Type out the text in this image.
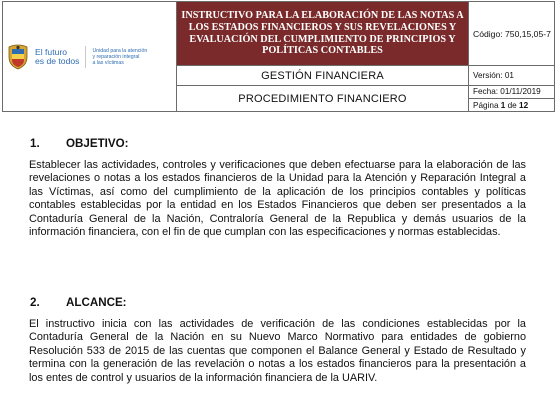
El futuro
es de todos
Unidad para la atención
y reparación integral
a las víctimas	INSTRUCTIVO PARA LA ELABORACIÓN DE LAS NOTAS A LOS ESTADOS FINANCIEROS Y SUS REVELACIONES Y EVALUACIÓN DEL CUMPLIMIENTO DE PRINCIPIOS Y POLÍTICAS CONTABLES	Código: 750,15,05-7
	GESTIÓN FINANCIERA	Versión: 01
	PROCEDIMIENTO FINANCIERO	Fecha: 01/11/2019
Página 1 de 12
1. OBJETIVO:

Establecer las actividades, controles y verificaciones que deben efectuarse para la elaboración de las revelaciones o notas a los estados financieros de la Unidad para la Atención y Reparación Integral a las Víctimas, así como del cumplimiento de la aplicación de los principios contables y políticas contables establecidas por la entidad en los Estados Financieros que deben ser presentados a la Contaduría General de la Nación, Contraloría General de la Republica y demás usuarios de la información financiera, con el fin de que cumplan con las especificaciones y normas establecidas.

2. ALCANCE:

El instructivo inicia con las actividades de verificación de las condiciones establecidas por la Contaduría General de la Nación en su Nuevo Marco Normativo para entidades de gobierno Resolución 533 de 2015 de las cuentas que componen el Balance General y Estado de Resultado y termina con la generación de las revelación o notas a los estados financieros para la presentación a los entes de control y usuarios de la información financiera de la UARIV.
